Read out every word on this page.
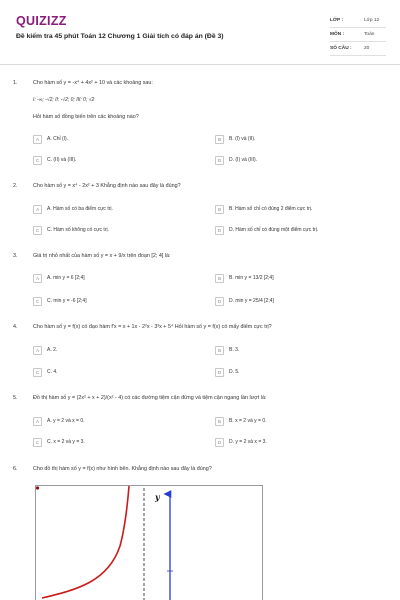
QUIZIZZ
Đề kiểm tra 45 phút Toán 12 Chương 1 Giải tích có đáp án (Đề 3)
LỚP :	Lớp 12
MÔN :	Toán
SỐ CÂU :	20
1.	Cho hàm số y = -x⁴ + 4x² + 10 và các khoảng sau:
I: -∞; -√2; II: -√2; 0; III: 0; √2
Hỏi hàm số đồng biến trên các khoảng nào?
A	A. Chỉ (I).	B	B. (I) và (II).
C	C. (II) và (III).	D	D. (I) và (III).
2.	Cho hàm số y = x⁴ - 2x² + 3 Khẳng định nào sau đây là đúng?
A	A. Hàm số có ba điểm cực trị.	B	B. Hàm số chỉ có đúng 2 điểm cực trị.
C	C. Hàm số không có cực trị.	D	D. Hàm số chỉ có đúng một điểm cực trị.
3.	Giá trị nhỏ nhất của hàm số y = x + 9/x trên đoạn [2; 4] là:
A	A. min y = 6 [2;4]	B	B. min y = 13/2 [2;4]
C	C. min y = -6 [2;4]	D	D. min y = 25/4 [2;4]
4.	Cho hàm số y = f(x) có đạo hàm f'x = x + 1x - 2²x - 3³x + 5⁴ Hỏi hàm số y = f(x) có mấy điểm cực trị?
A	A. 2.	B	B. 3.
C	C. 4.	D	D. 5.
5.	Đồ thị hàm số y = (2x² + x + 2)/(x² - 4) có các đường tiệm cận đứng và tiệm cận ngang lần lượt là:
A	A. y = 2 và x = 0.	B	B. x = 2 và y = 0.
C	C. x = 2 và y = 3.	D	D. y = 2 và x = 3.
6.	Cho đồ thị hàm số y = f(x) như hình bên. Khẳng định nào sau đây là đúng?
y
